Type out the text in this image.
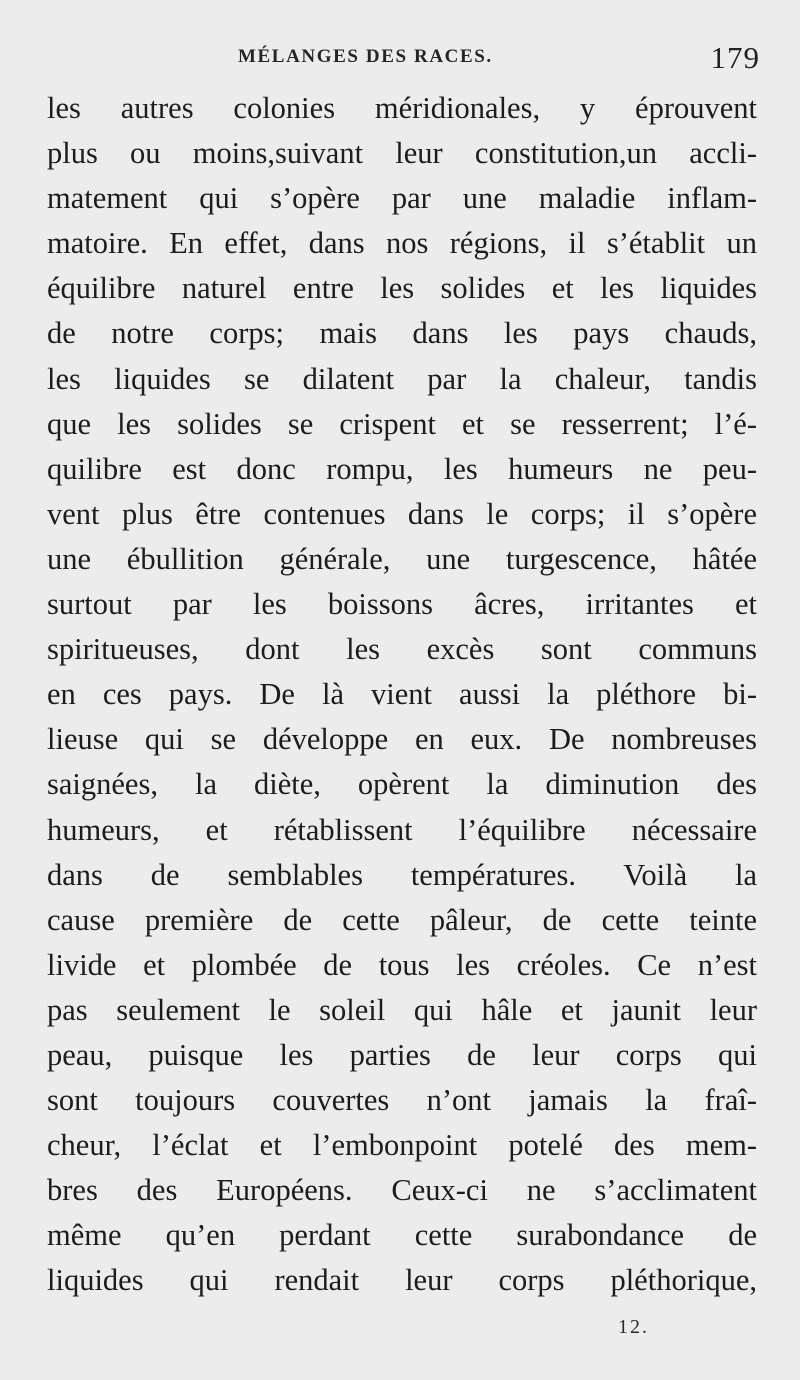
MÉLANGES DES RACES.	179
les autres colonies méridionales, y éprouvent
plus ou moins,suivant leur constitution,un accli-
matement qui s’opère par une maladie inflam-
matoire. En effet, dans nos régions, il s’établit un
équilibre naturel entre les solides et les liquides
de notre corps; mais dans les pays chauds,
les liquides se dilatent par la chaleur, tandis
que les solides se crispent et se resserrent; l’é-
quilibre est donc rompu, les humeurs ne peu-
vent plus être contenues dans le corps; il s’opère
une ébullition générale, une turgescence, hâtée
surtout par les boissons âcres, irritantes et
spiritueuses, dont les excès sont communs
en ces pays. De là vient aussi la pléthore bi-
lieuse qui se développe en eux. De nombreuses
saignées, la diète, opèrent la diminution des
humeurs, et rétablissent l’équilibre nécessaire
dans de semblables températures. Voilà la
cause première de cette pâleur, de cette teinte
livide et plombée de tous les créoles. Ce n’est
pas seulement le soleil qui hâle et jaunit leur
peau, puisque les parties de leur corps qui
sont toujours couvertes n’ont jamais la fraî-
cheur, l’éclat et l’embonpoint potelé des mem-
bres des Européens. Ceux-ci ne s’acclimatent
même qu’en perdant cette surabondance de
liquides qui rendait leur corps pléthorique,
12.
